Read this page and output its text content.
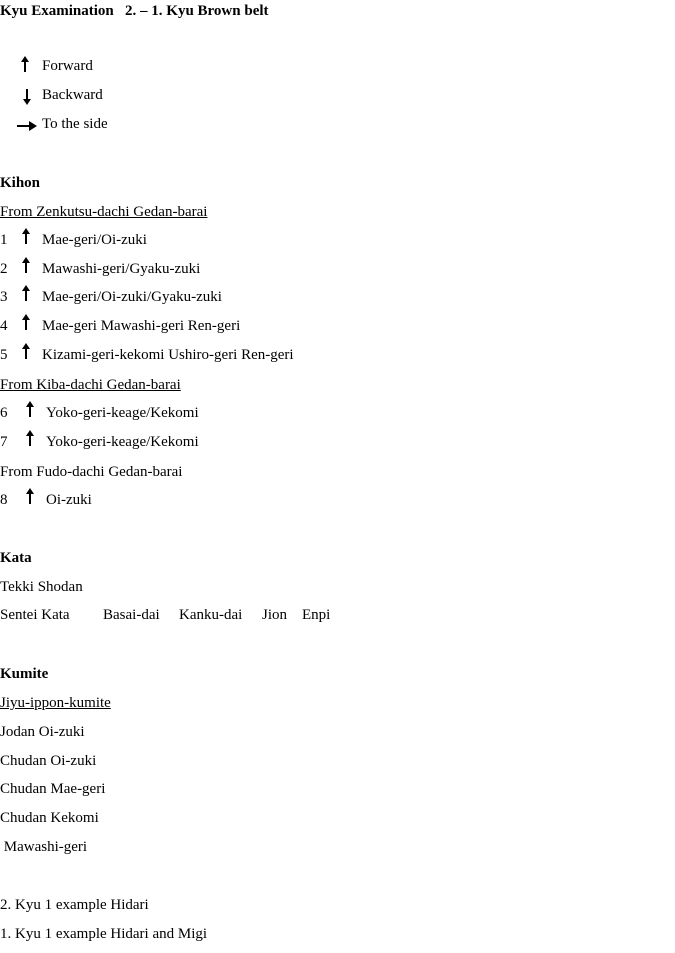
Kyu Examination   2. – 1. Kyu Brown belt
Forward
Backward
To the side
Kihon
From Zenkutsu-dachi Gedan-barai
1 Mae-geri/Oi-zuki
2 Mawashi-geri/Gyaku-zuki
3 Mae-geri/Oi-zuki/Gyaku-zuki
4 Mae-geri Mawashi-geri Ren-geri
5 Kizami-geri-kekomi Ushiro-geri Ren-geri
From Kiba-dachi Gedan-barai
6	Yoko-geri-keage/Kekomi
7	Yoko-geri-keage/Kekomi
From Fudo-dachi Gedan-barai
8	Oi-zuki
Kata
Tekki Shodan
Sentei Kata Basai-dai Kanku-dai Jion Enpi
Kumite
Jiyu-ippon-kumite
Jodan Oi-zuki
Chudan Oi-zuki
Chudan Mae-geri
Chudan Kekomi
Mawashi-geri
2. Kyu 1 example Hidari
1. Kyu 1 example Hidari and Migi
